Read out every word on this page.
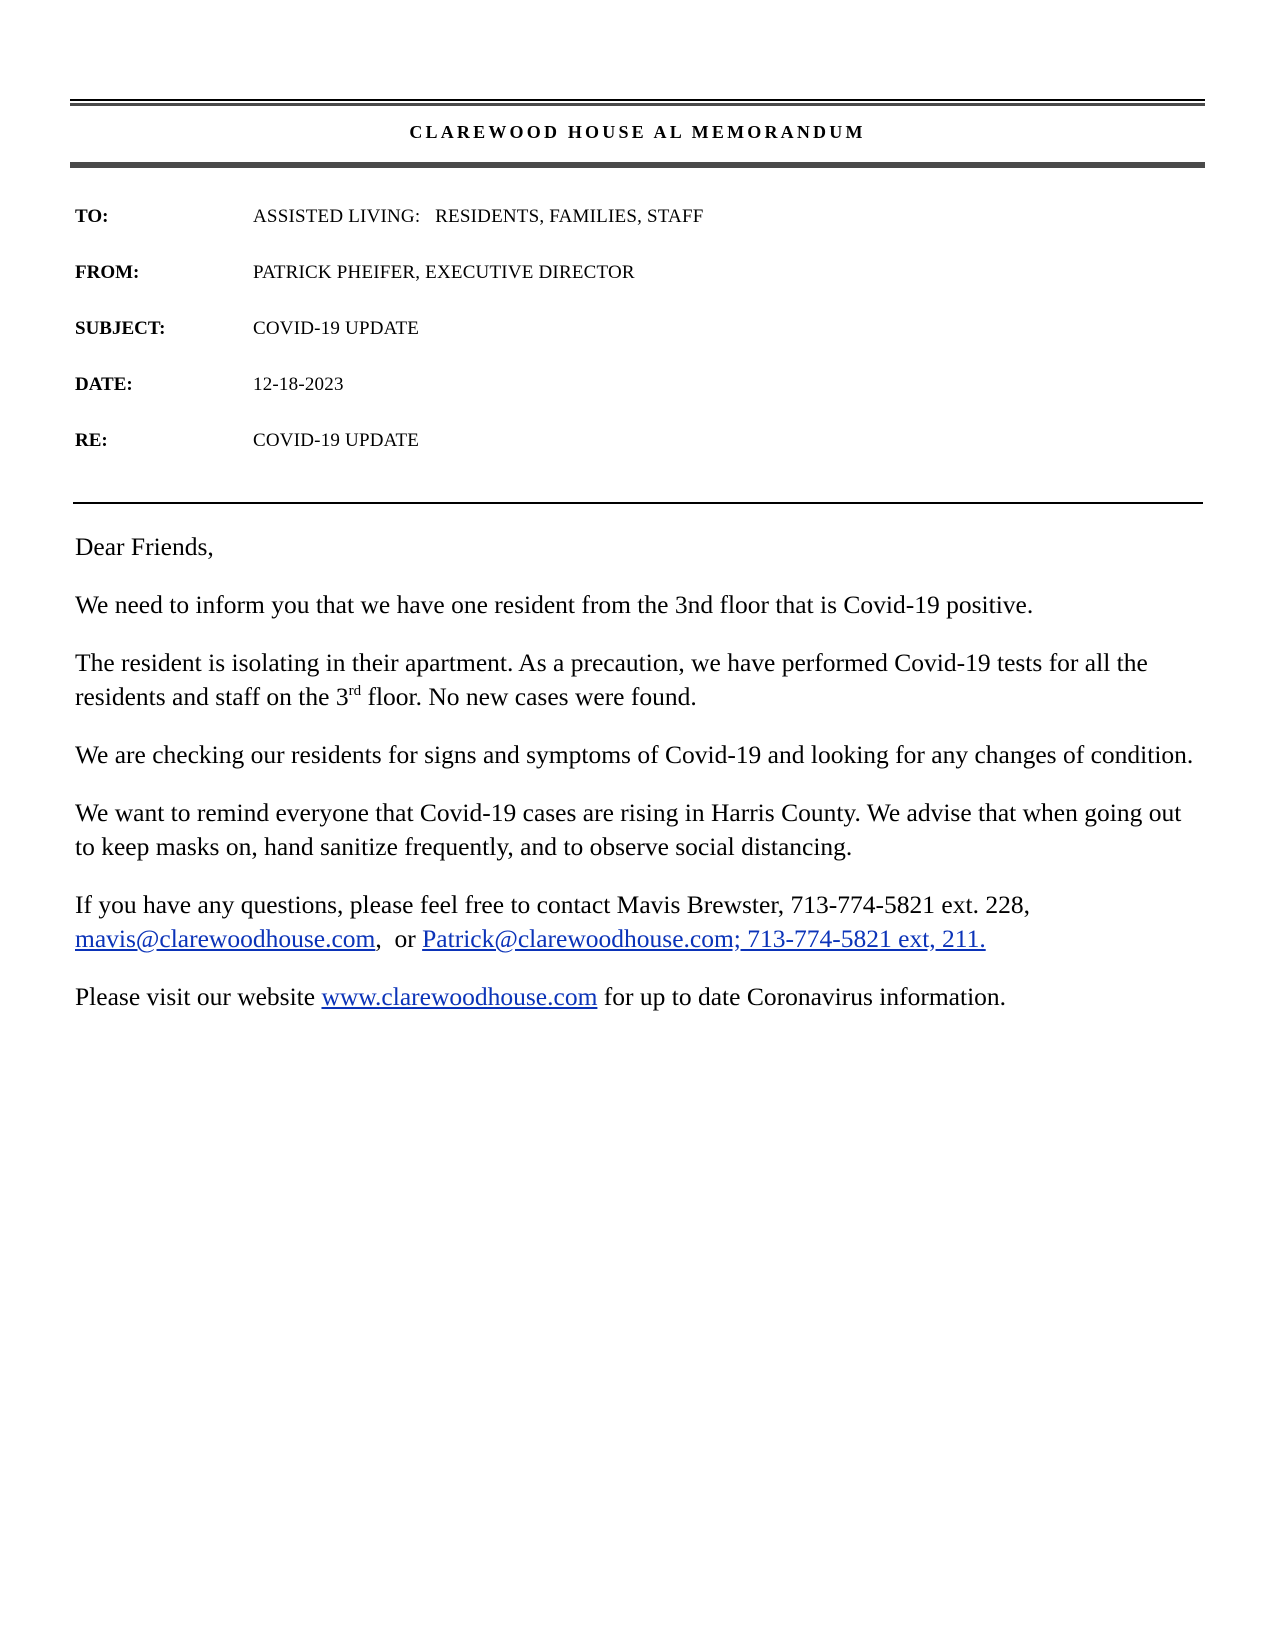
CLAREWOOD HOUSE AL MEMORANDUM
TO:	ASSISTED LIVING:   RESIDENTS, FAMILIES, STAFF
FROM:	PATRICK PHEIFER, EXECUTIVE DIRECTOR
SUBJECT:	COVID-19 UPDATE
DATE:	12-18-2023
RE:	COVID-19 UPDATE

Dear Friends,

We need to inform you that we have one resident from the 3nd floor that is Covid-19 positive.

The resident is isolating in their apartment. As a precaution, we have performed Covid-19 tests for all the residents and staff on the 3rd floor. No new cases were found.

We are checking our residents for signs and symptoms of Covid-19 and looking for any changes of condition.

We want to remind everyone that Covid-19 cases are rising in Harris County. We advise that when going out to keep masks on, hand sanitize frequently, and to observe social distancing.

If you have any questions, please feel free to contact Mavis Brewster, 713-774-5821 ext. 228, mavis@clarewoodhouse.com,  or Patrick@clarewoodhouse.com; 713-774-5821 ext, 211.

Please visit our website www.clarewoodhouse.com for up to date Coronavirus information.
